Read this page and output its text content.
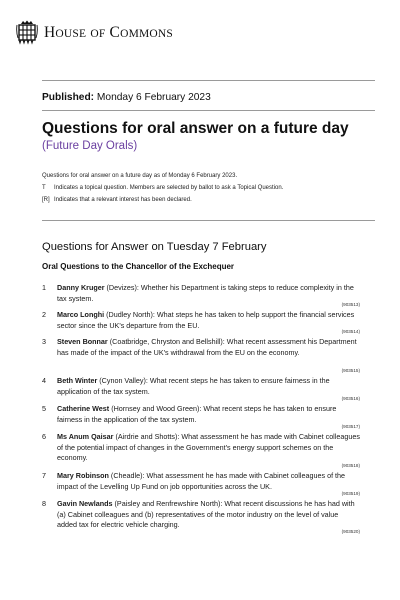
HOUSE OF COMMONS
Published: Monday 6 February 2023
Questions for oral answer on a future day
(Future Day Orals)
Questions for oral answer on a future day as of Monday 6 February 2023.
T	Indicates a topical question. Members are selected by ballot to ask a Topical Question.
[R] Indicates that a relevant interest has been declared.
Questions for Answer on Tuesday 7 February
Oral Questions to the Chancellor of the Exchequer
1 Danny Kruger (Devizes): Whether his Department is taking steps to reduce complexity in the tax system.
(903513)
2 Marco Longhi (Dudley North): What steps he has taken to help support the financial services sector since the UK's departure from the EU.
(903514)
3 Steven Bonnar (Coatbridge, Chryston and Bellshill): What recent assessment his Department has made of the impact of the UK's withdrawal from the EU on the economy.
(903515)
4 Beth Winter (Cynon Valley): What recent steps he has taken to ensure fairness in the application of the tax system.
(903516)
5 Catherine West (Hornsey and Wood Green): What recent steps he has taken to ensure fairness in the application of the tax system.
(903517)
6 Ms Anum Qaisar (Airdrie and Shotts): What assessment he has made with Cabinet colleagues of the potential impact of changes in the Government's energy support schemes on the economy.
(903518)
7 Mary Robinson (Cheadle): What assessment he has made with Cabinet colleagues of the impact of the Levelling Up Fund on job opportunities across the UK.
(903519)
8 Gavin Newlands (Paisley and Renfrewshire North): What recent discussions he has had with (a) Cabinet colleagues and (b) representatives of the motor industry on the level of value added tax for electric vehicle charging.
(903520)
